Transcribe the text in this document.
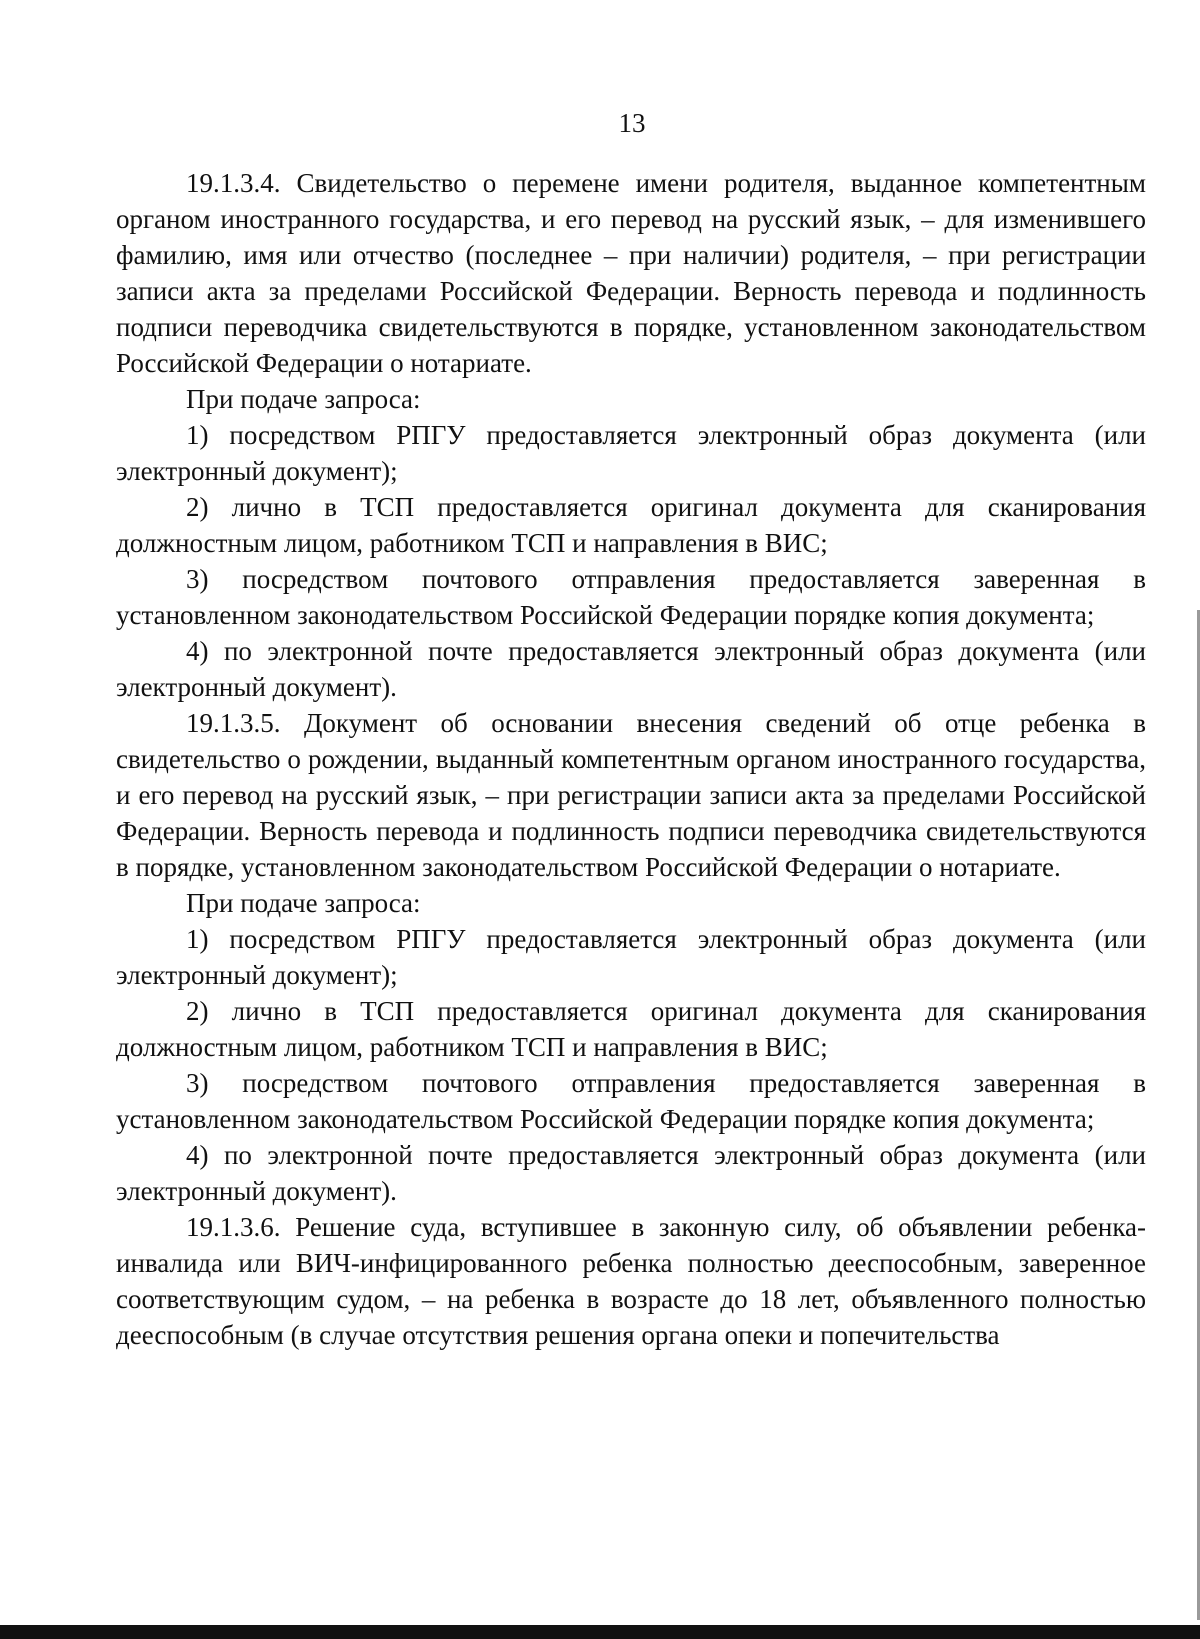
13

19.1.3.4. Свидетельство о перемене имени родителя, выданное компетентным органом иностранного государства, и его перевод на русский язык, – для изменившего фамилию, имя или отчество (последнее – при наличии) родителя, – при регистрации записи акта за пределами Российской Федерации. Верность перевода и подлинность подписи переводчика свидетельствуются в порядке, установленном законодательством Российской Федерации о нотариате.

При подаче запроса:

1) посредством РПГУ предоставляется электронный образ документа (или электронный документ);

2) лично в ТСП предоставляется оригинал документа для сканирования должностным лицом, работником ТСП и направления в ВИС;

3) посредством почтового отправления предоставляется заверенная в установленном законодательством Российской Федерации порядке копия документа;

4) по электронной почте предоставляется электронный образ документа (или электронный документ).

19.1.3.5. Документ об основании внесения сведений об отце ребенка в свидетельство о рождении, выданный компетентным органом иностранного государства, и его перевод на русский язык, – при регистрации записи акта за пределами Российской Федерации. Верность перевода и подлинность подписи переводчика свидетельствуются в порядке, установленном законодательством Российской Федерации о нотариате.

При подаче запроса:

1) посредством РПГУ предоставляется электронный образ документа (или электронный документ);

2) лично в ТСП предоставляется оригинал документа для сканирования должностным лицом, работником ТСП и направления в ВИС;

3) посредством почтового отправления предоставляется заверенная в установленном законодательством Российской Федерации порядке копия документа;

4) по электронной почте предоставляется электронный образ документа (или электронный документ).

19.1.3.6. Решение суда, вступившее в законную силу, об объявлении ребенка-инвалида или ВИЧ-инфицированного ребенка полностью дееспособным, заверенное соответствующим судом, – на ребенка в возрасте до 18 лет, объявленного полностью дееспособным (в случае отсутствия решения органа опеки и попечительства
